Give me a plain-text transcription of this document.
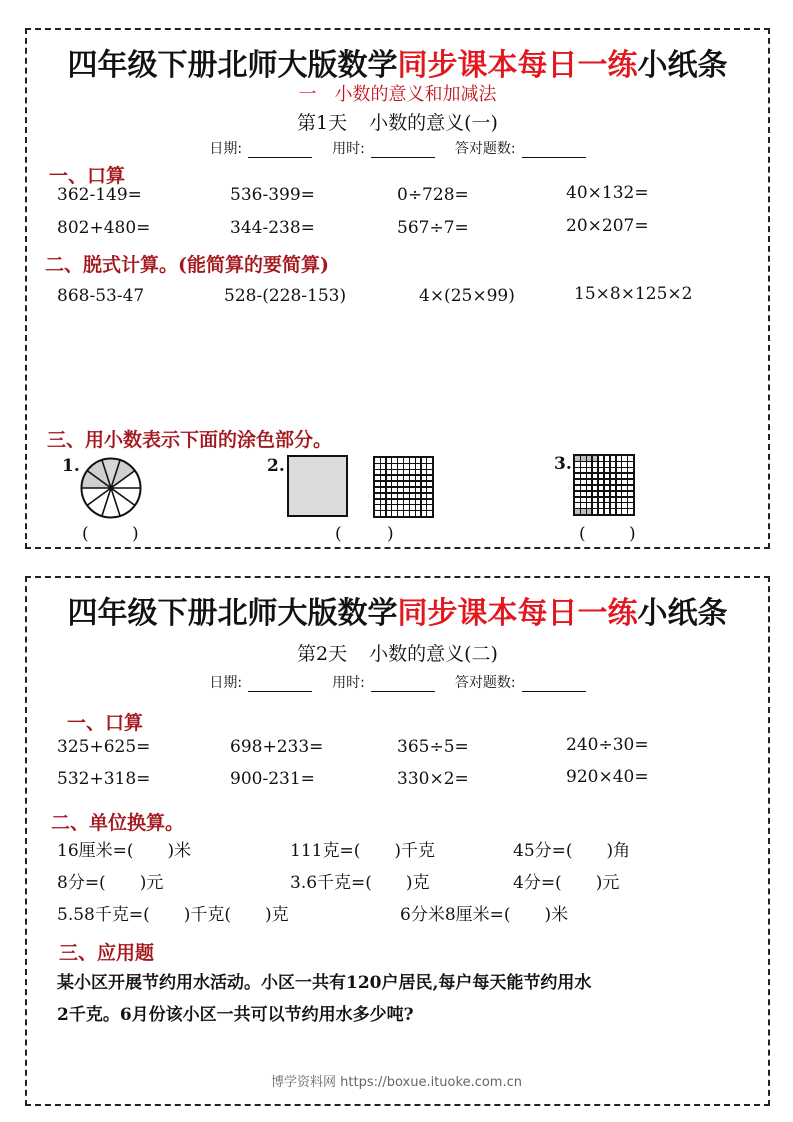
四年级下册北师大版数学同步课本每日一练小纸条
一 小数的意义和加减法
第1天 小数的意义(一)
日期:	用时:	答对题数:
一、口算
362-149=	536-399=	0÷728=	40×132=
802+480=	344-238=	567÷7=	20×207=
二、脱式计算。(能简算的要简算)
868-53-47	528-(228-153)	4×(25×99)	15×8×125×2
三、用小数表示下面的涂色部分。
1.
(	)
2.
(	)
3.
(	)
四年级下册北师大版数学同步课本每日一练小纸条
第2天 小数的意义(二)
日期:	用时:	答对题数:
一、口算
325+625=	698+233=	365÷5=	240÷30=
532+318=	900-231=	330×2=	920×40=
二、单位换算。
16厘米=(　　)米	111克=(　　)千克	45分=(　　)角
8分=(　　)元	3.6千克=(　　)克	4分=(　　)元
5.58千克=(　　)千克(　　)克	6分米8厘米=(　　)米
三、应用题
某小区开展节约用水活动。小区一共有120户居民,每户每天能节约用水
2千克。6月份该小区一共可以节约用水多少吨?
博学资料网 https://boxue.ituoke.com.cn
